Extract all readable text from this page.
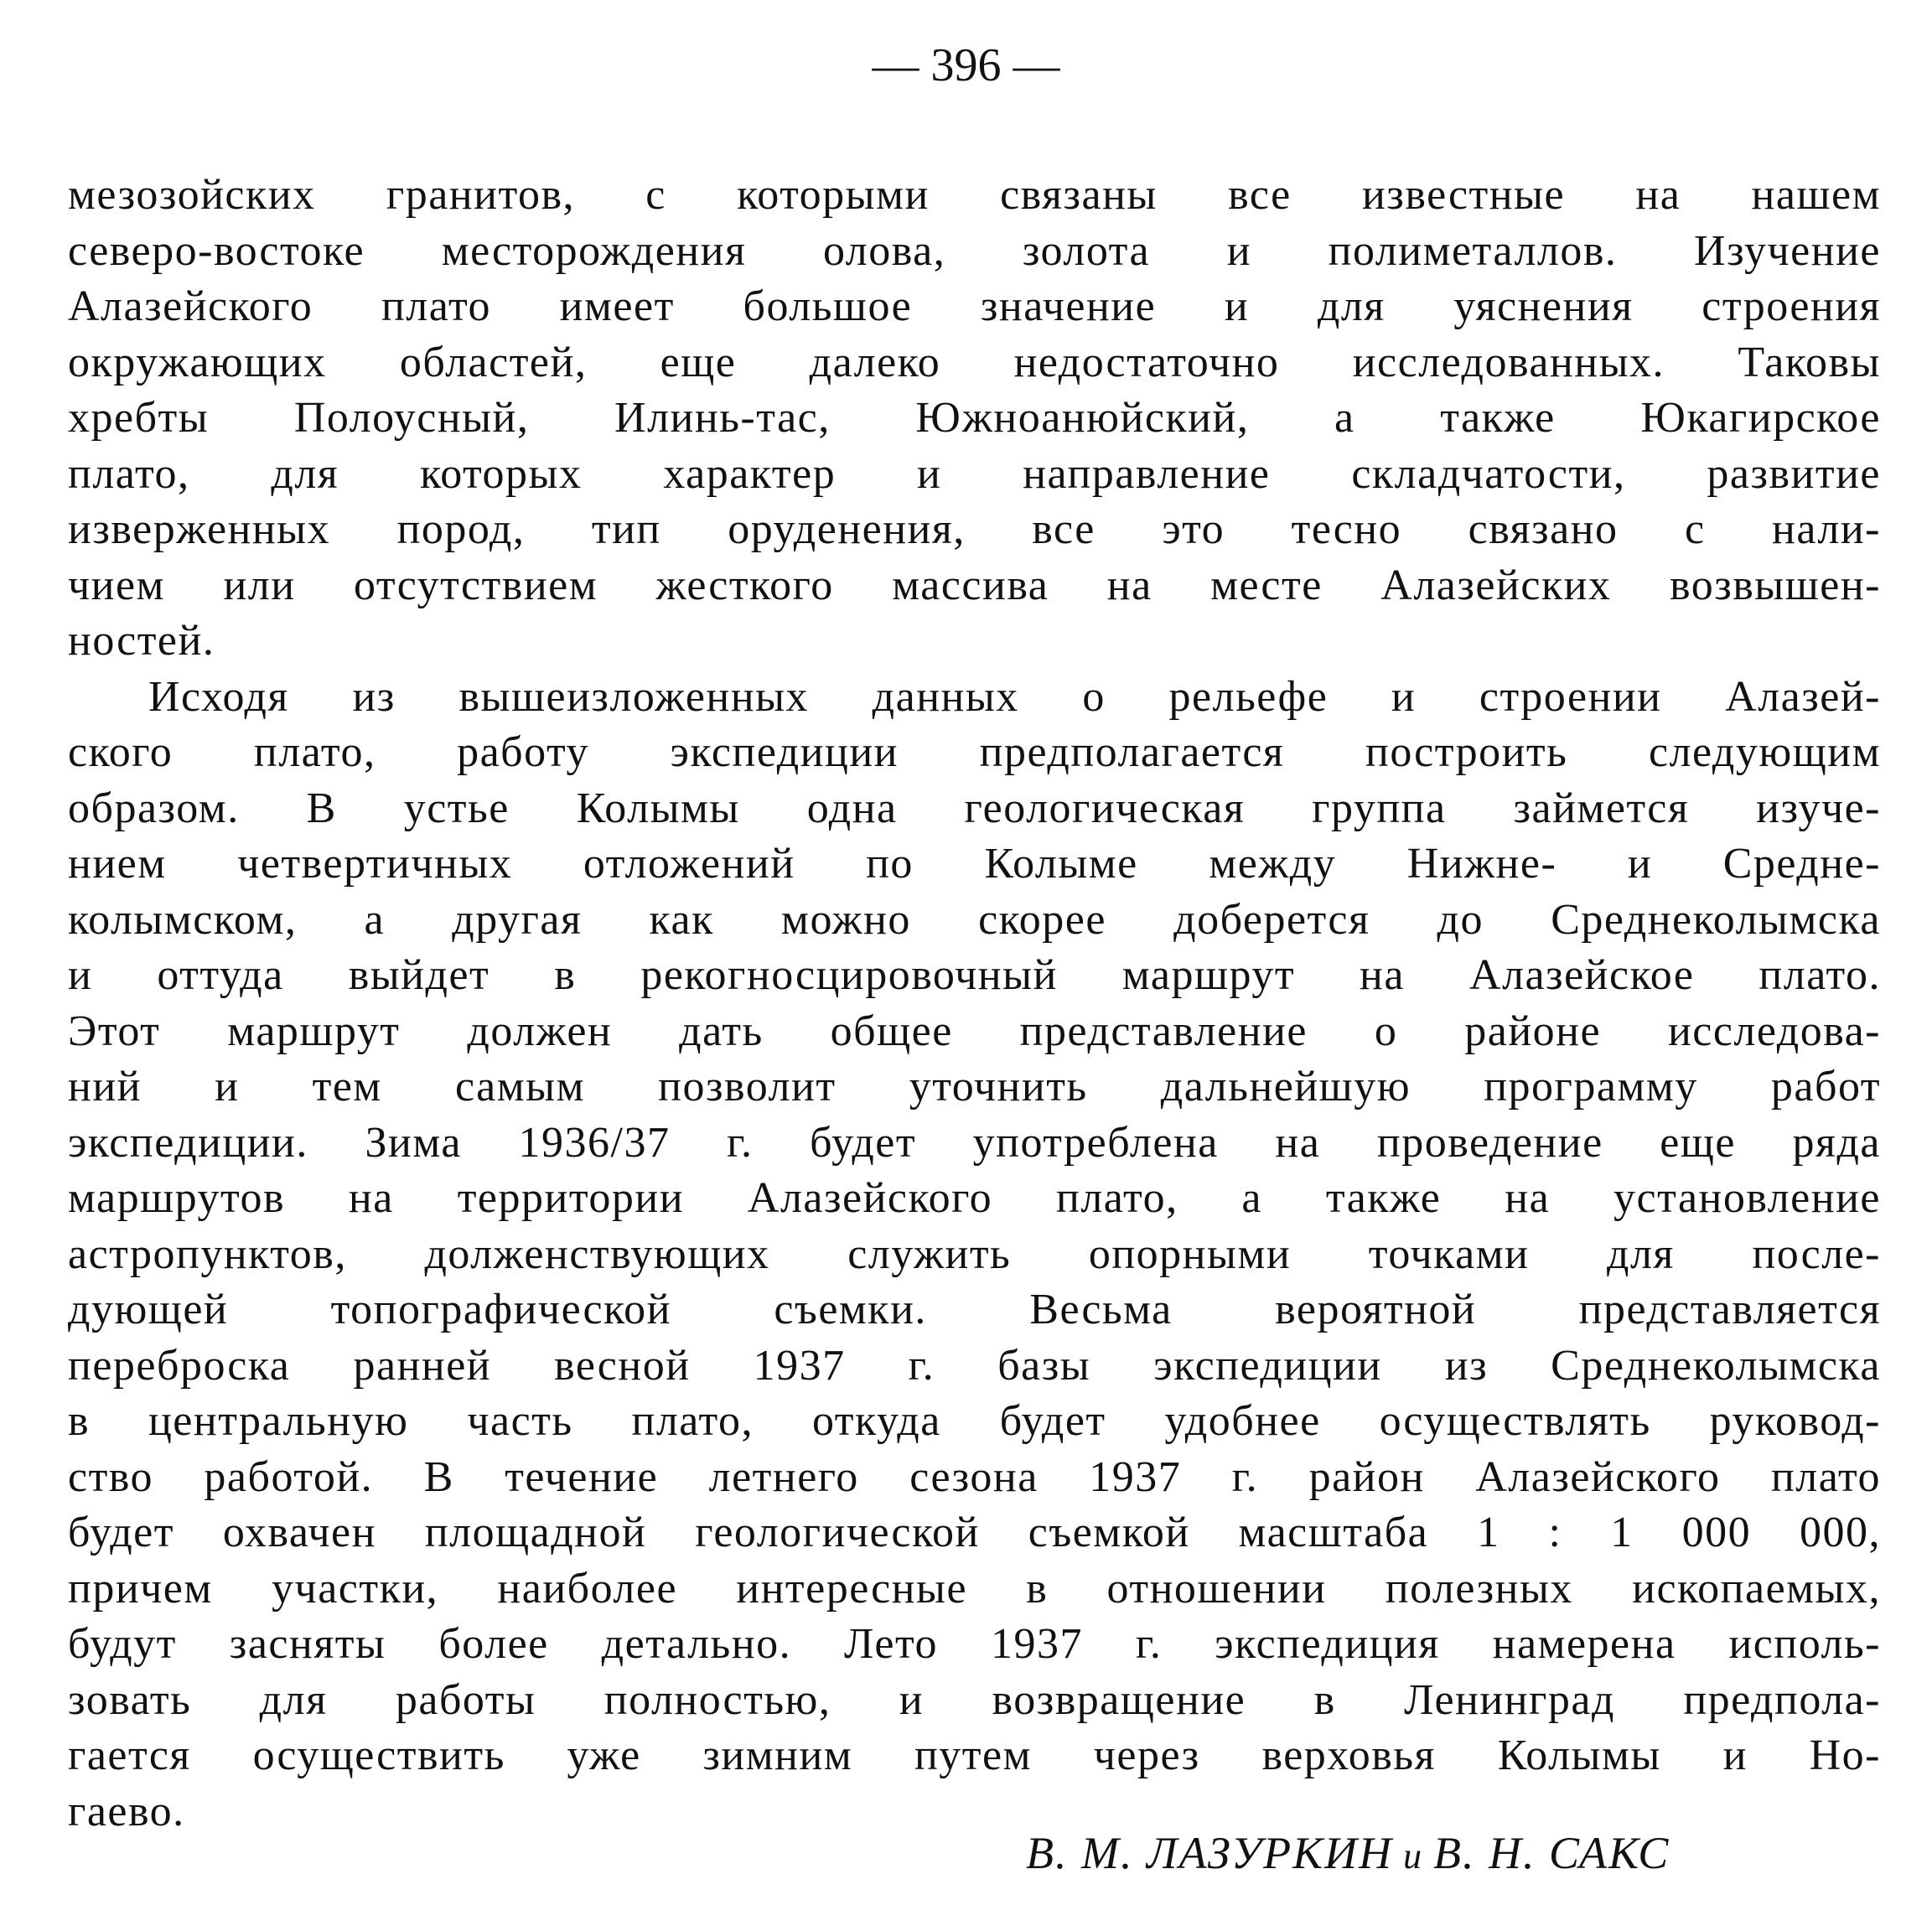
— 396 —
мезозойских гранитов, с которыми связаны все известные на нашем
северо-востоке месторождения олова, золота и полиметаллов. Изучение
Алазейского плато имеет большое значение и для уяснения строения
окружающих областей, еще далеко недостаточно исследованных. Таковы
хребты Полоусный, Илинь-тас, Южноанюйский, а также Юкагирское
плато, для которых характер и направление складчатости, развитие
изверженных пород, тип оруденения, все это тесно связано с нали-
чием или отсутствием жесткого массива на месте Алазейских возвышен-
ностей.
Исходя из вышеизложенных данных о рельефе и строении Алазей-
ского плато, работу экспедиции предполагается построить следующим
образом. В устье Колымы одна геологическая группа займется изуче-
нием четвертичных отложений по Колыме между Нижне- и Средне-
колымском, а другая как можно скорее доберется до Среднеколымска
и оттуда выйдет в рекогносцировочный маршрут на Алазейское плато.
Этот маршрут должен дать общее представление о районе исследова-
ний и тем самым позволит уточнить дальнейшую программу работ
экспедиции. Зима 1936/37 г. будет употреблена на проведение еще ряда
маршрутов на территории Алазейского плато, а также на установление
астропунктов, долженствующих служить опорными точками для после-
дующей топографической съемки. Весьма вероятной представляется
переброска ранней весной 1937 г. базы экспедиции из Среднеколымска
в центральную часть плато, откуда будет удобнее осуществлять руковод-
ство работой. В течение летнего сезона 1937 г. район Алазейского плато
будет охвачен площадной геологической съемкой масштаба 1 : 1 000 000,
причем участки, наиболее интересные в отношении полезных ископаемых,
будут засняты более детально. Лето 1937 г. экспедиция намерена исполь-
зовать для работы полностью, и возвращение в Ленинград предпола-
гается осуществить уже зимним путем через верховья Колымы и Но-
гаево.
В. М. ЛАЗУРКИН и В. Н. САКС
